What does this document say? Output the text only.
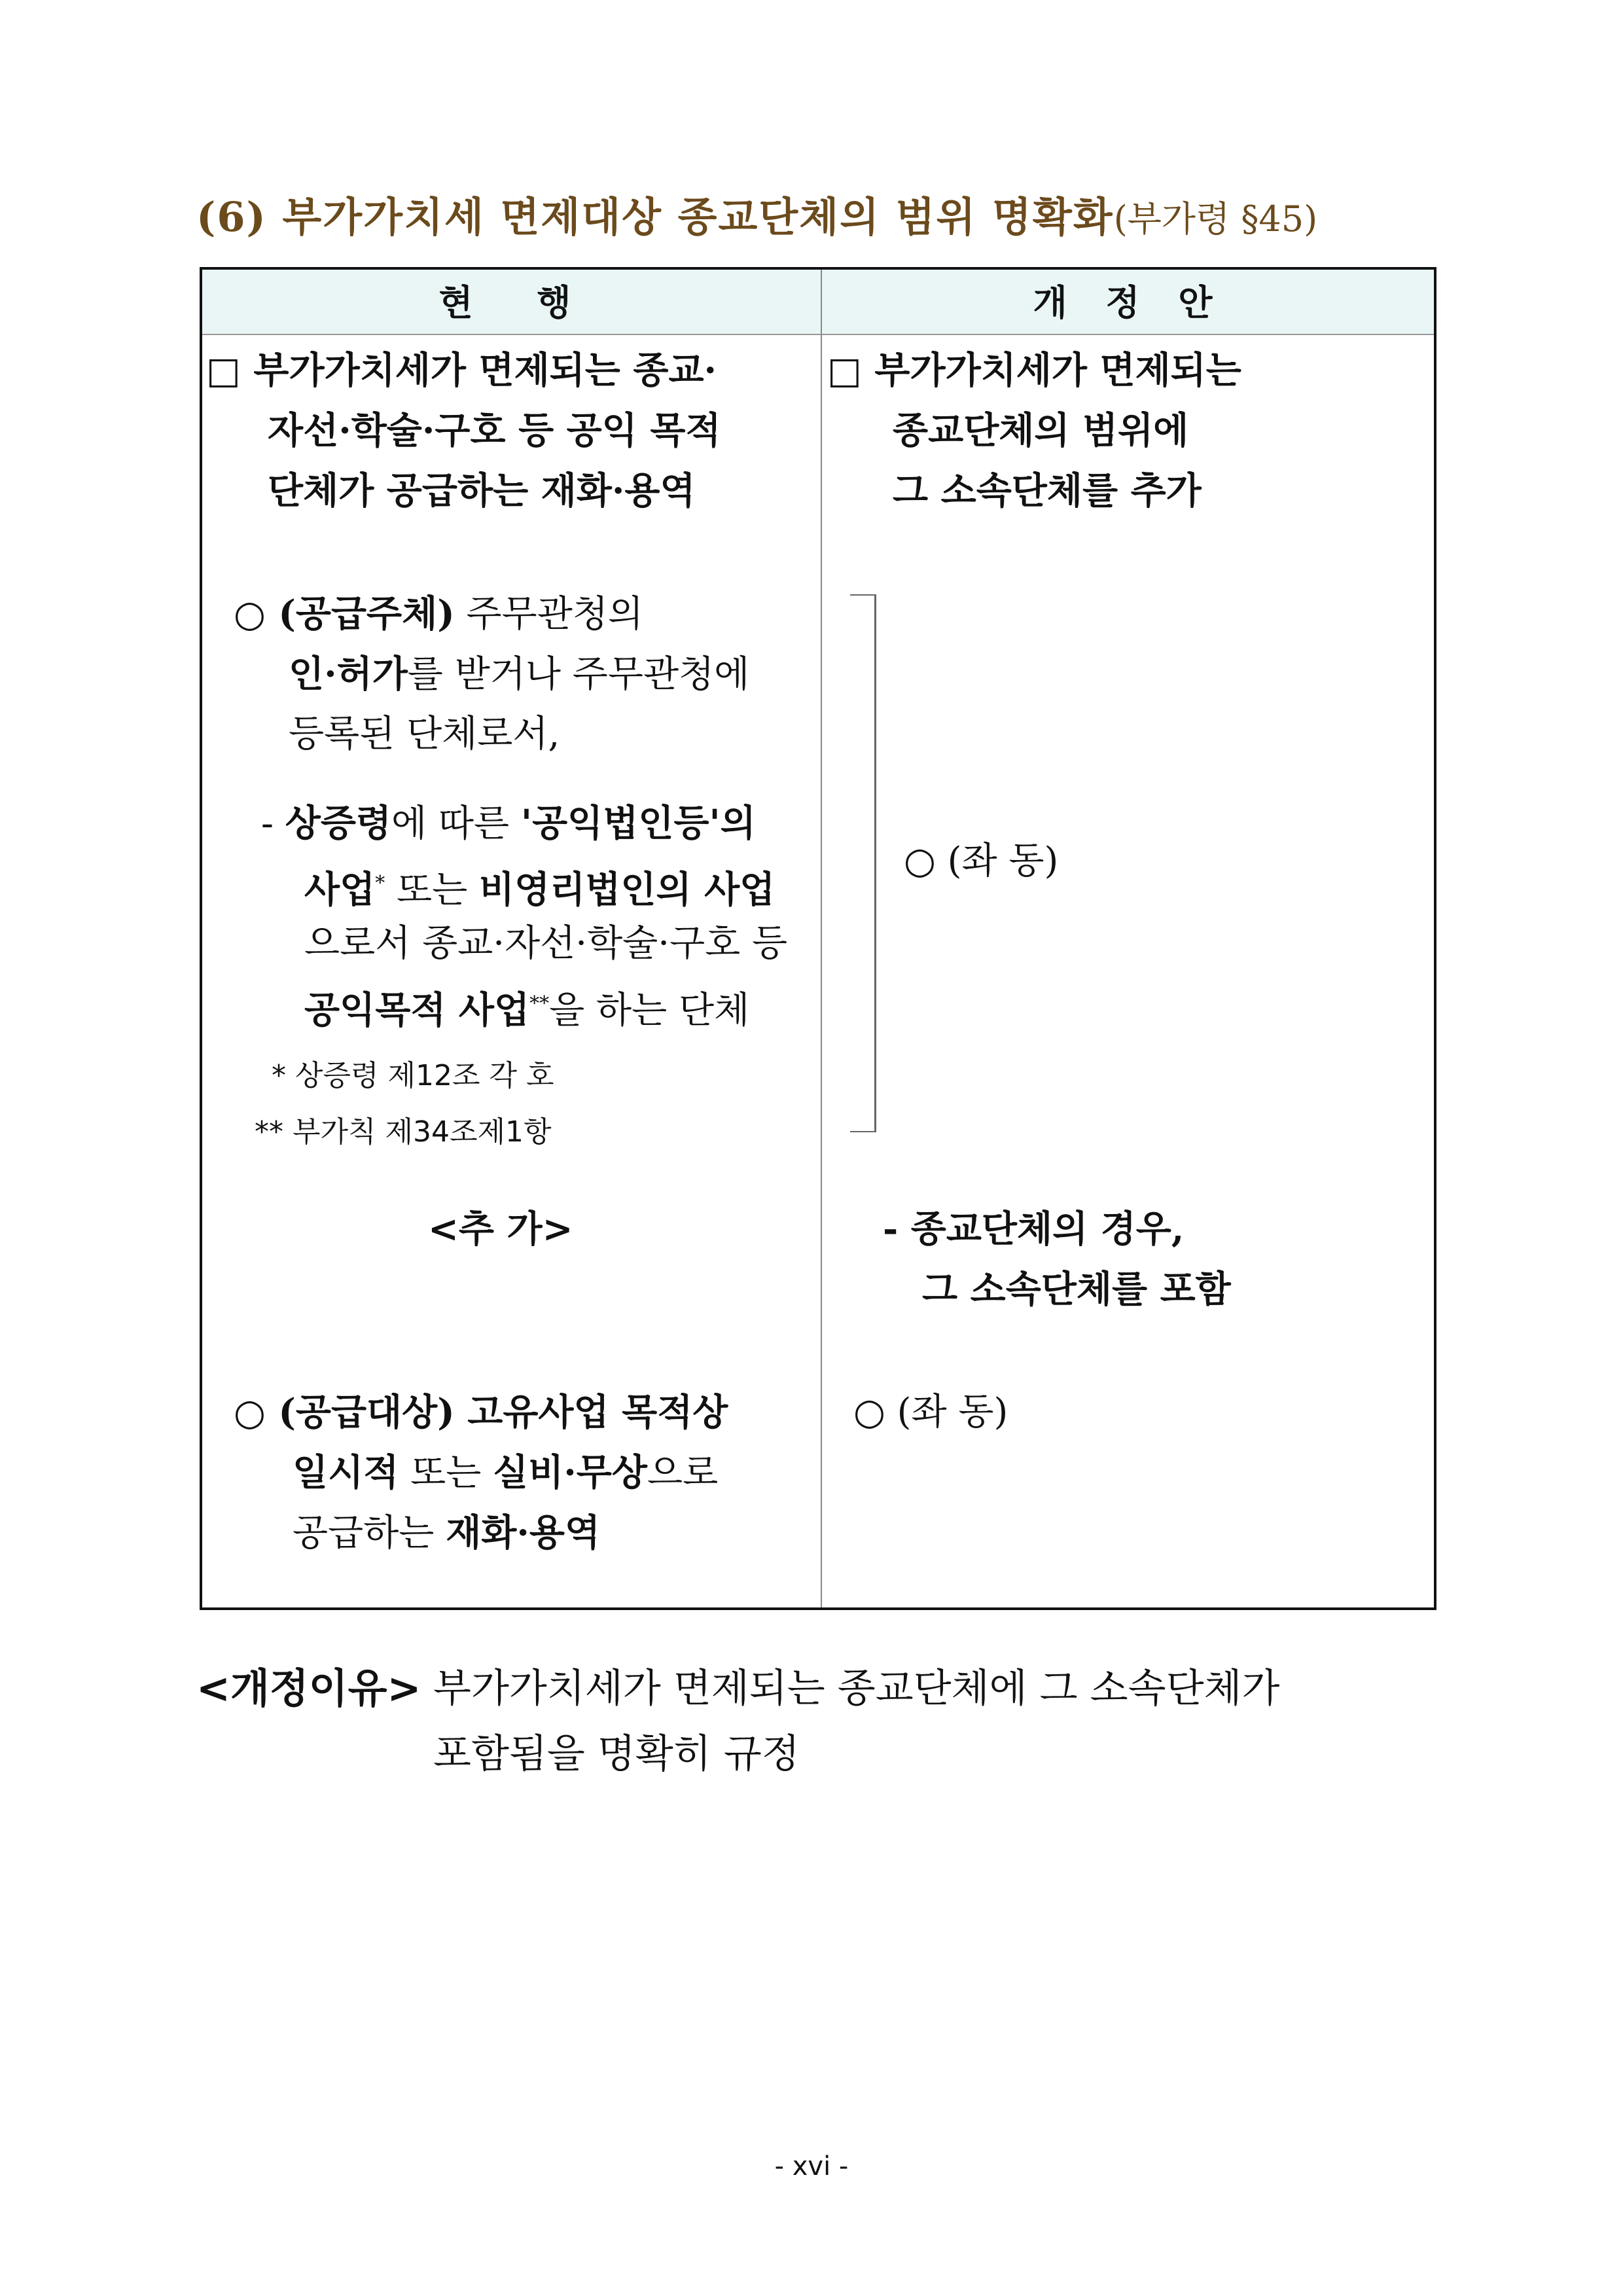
(6) 부가가치세 면제대상 종교단체의 범위 명확화(부가령 §45)
현  행	개 정 안
□ 부가가치세가 면제되는 종교·
자선·학술·구호 등 공익 목적
단체가 공급하는 재화·용역
○ (공급주체) 주무관청의
인·허가를 받거나 주무관청에
등록된 단체로서,
- 상증령에 따른 '공익법인등'의
사업* 또는 비영리법인의 사업
으로서 종교·자선·학술·구호 등
공익목적 사업**을 하는 단체
* 상증령 제12조 각 호
** 부가칙 제34조제1항
<추 가>
○ (공급대상) 고유사업 목적상
일시적 또는 실비·무상으로
공급하는 재화·용역
□ 부가가치세가 면제되는
종교단체의 범위에
그 소속단체를 추가
○ (좌 동)
- 종교단체의 경우,
그 소속단체를 포함
○ (좌 동)
<개정이유> 부가가치세가 면제되는 종교단체에 그 소속단체가
포함됨을 명확히 규정
- xvi -
